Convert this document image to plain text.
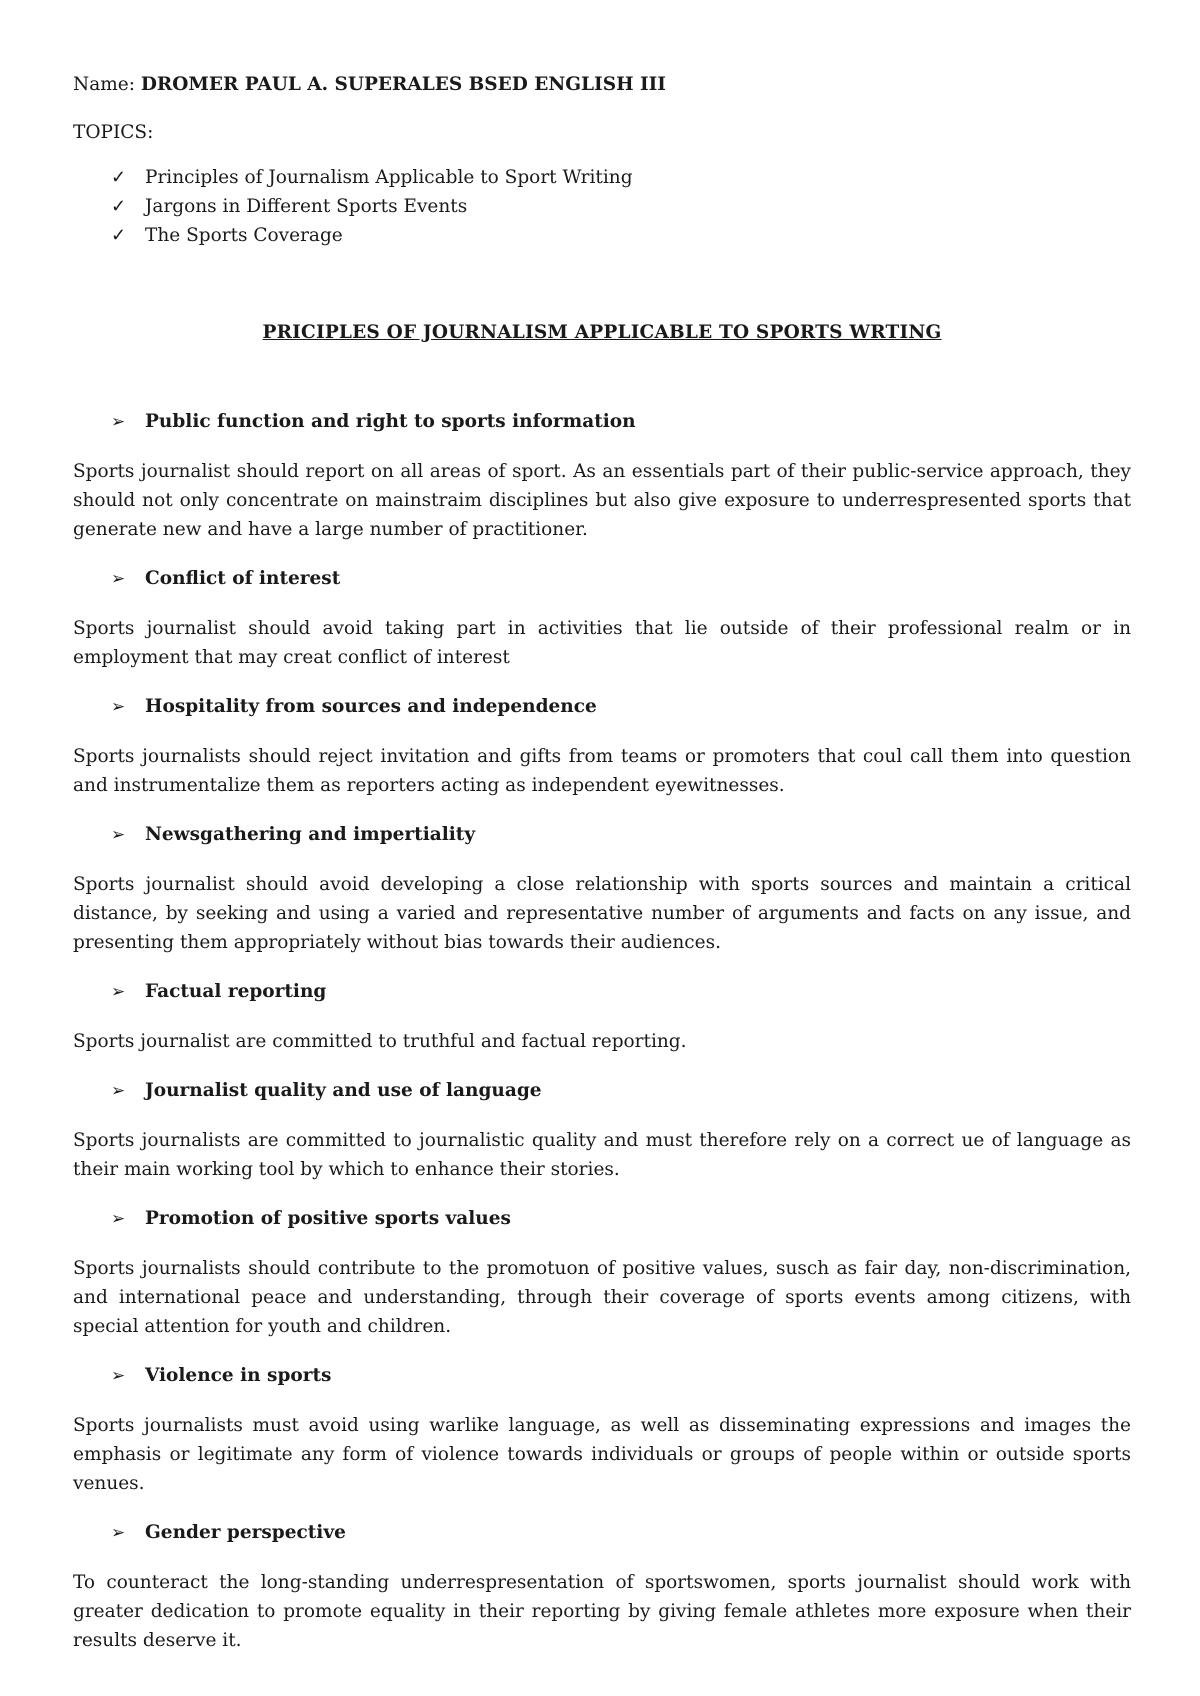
Name: DROMER PAUL A. SUPERALES BSED ENGLISH III

TOPICS:

✓	Principles of Journalism Applicable to Sport Writing
✓	Jargons in Different Sports Events
✓	The Sports Coverage

PRICIPLES OF JOURNALISM APPLICABLE TO SPORTS WRTING

➢	Public function and right to sports information

Sports journalist should report on all areas of sport. As an essentials part of their public-service approach, they should not only concentrate on mainstraim disciplines but also give exposure to underrespresented sports that generate new and have a large number of practitioner.

➢	Conflict of interest

Sports journalist should avoid taking part in activities that lie outside of their professional realm or in employment that may creat conflict of interest

➢	Hospitality from sources and independence

Sports journalists should reject invitation and gifts from teams or promoters that coul call them into question and instrumentalize them as reporters acting as independent eyewitnesses.

➢	Newsgathering and impertiality

Sports journalist should avoid developing a close relationship with sports sources and maintain a critical distance, by seeking and using a varied and representative number of arguments and facts on any issue, and presenting them appropriately without bias towards their audiences.

➢	Factual reporting

Sports journalist are committed to truthful and factual reporting.

➢	Journalist quality and use of language

Sports journalists are committed to journalistic quality and must therefore rely on a correct ue of language as their main working tool by which to enhance their stories.

➢	Promotion of positive sports values

Sports journalists should contribute to the promotuon of positive values, susch as fair day, non-discrimination, and international peace and understanding, through their coverage of sports events among citizens, with special attention for youth and children.

➢	Violence in sports

Sports journalists must avoid using warlike language, as well as disseminating expressions and images the emphasis or legitimate any form of violence towards individuals or groups of people within or outside sports venues.

➢	Gender perspective

To counteract the long-standing underrespresentation of sportswomen, sports journalist should work with greater dedication to promote equality in their reporting by giving female athletes more exposure when their results deserve it.
